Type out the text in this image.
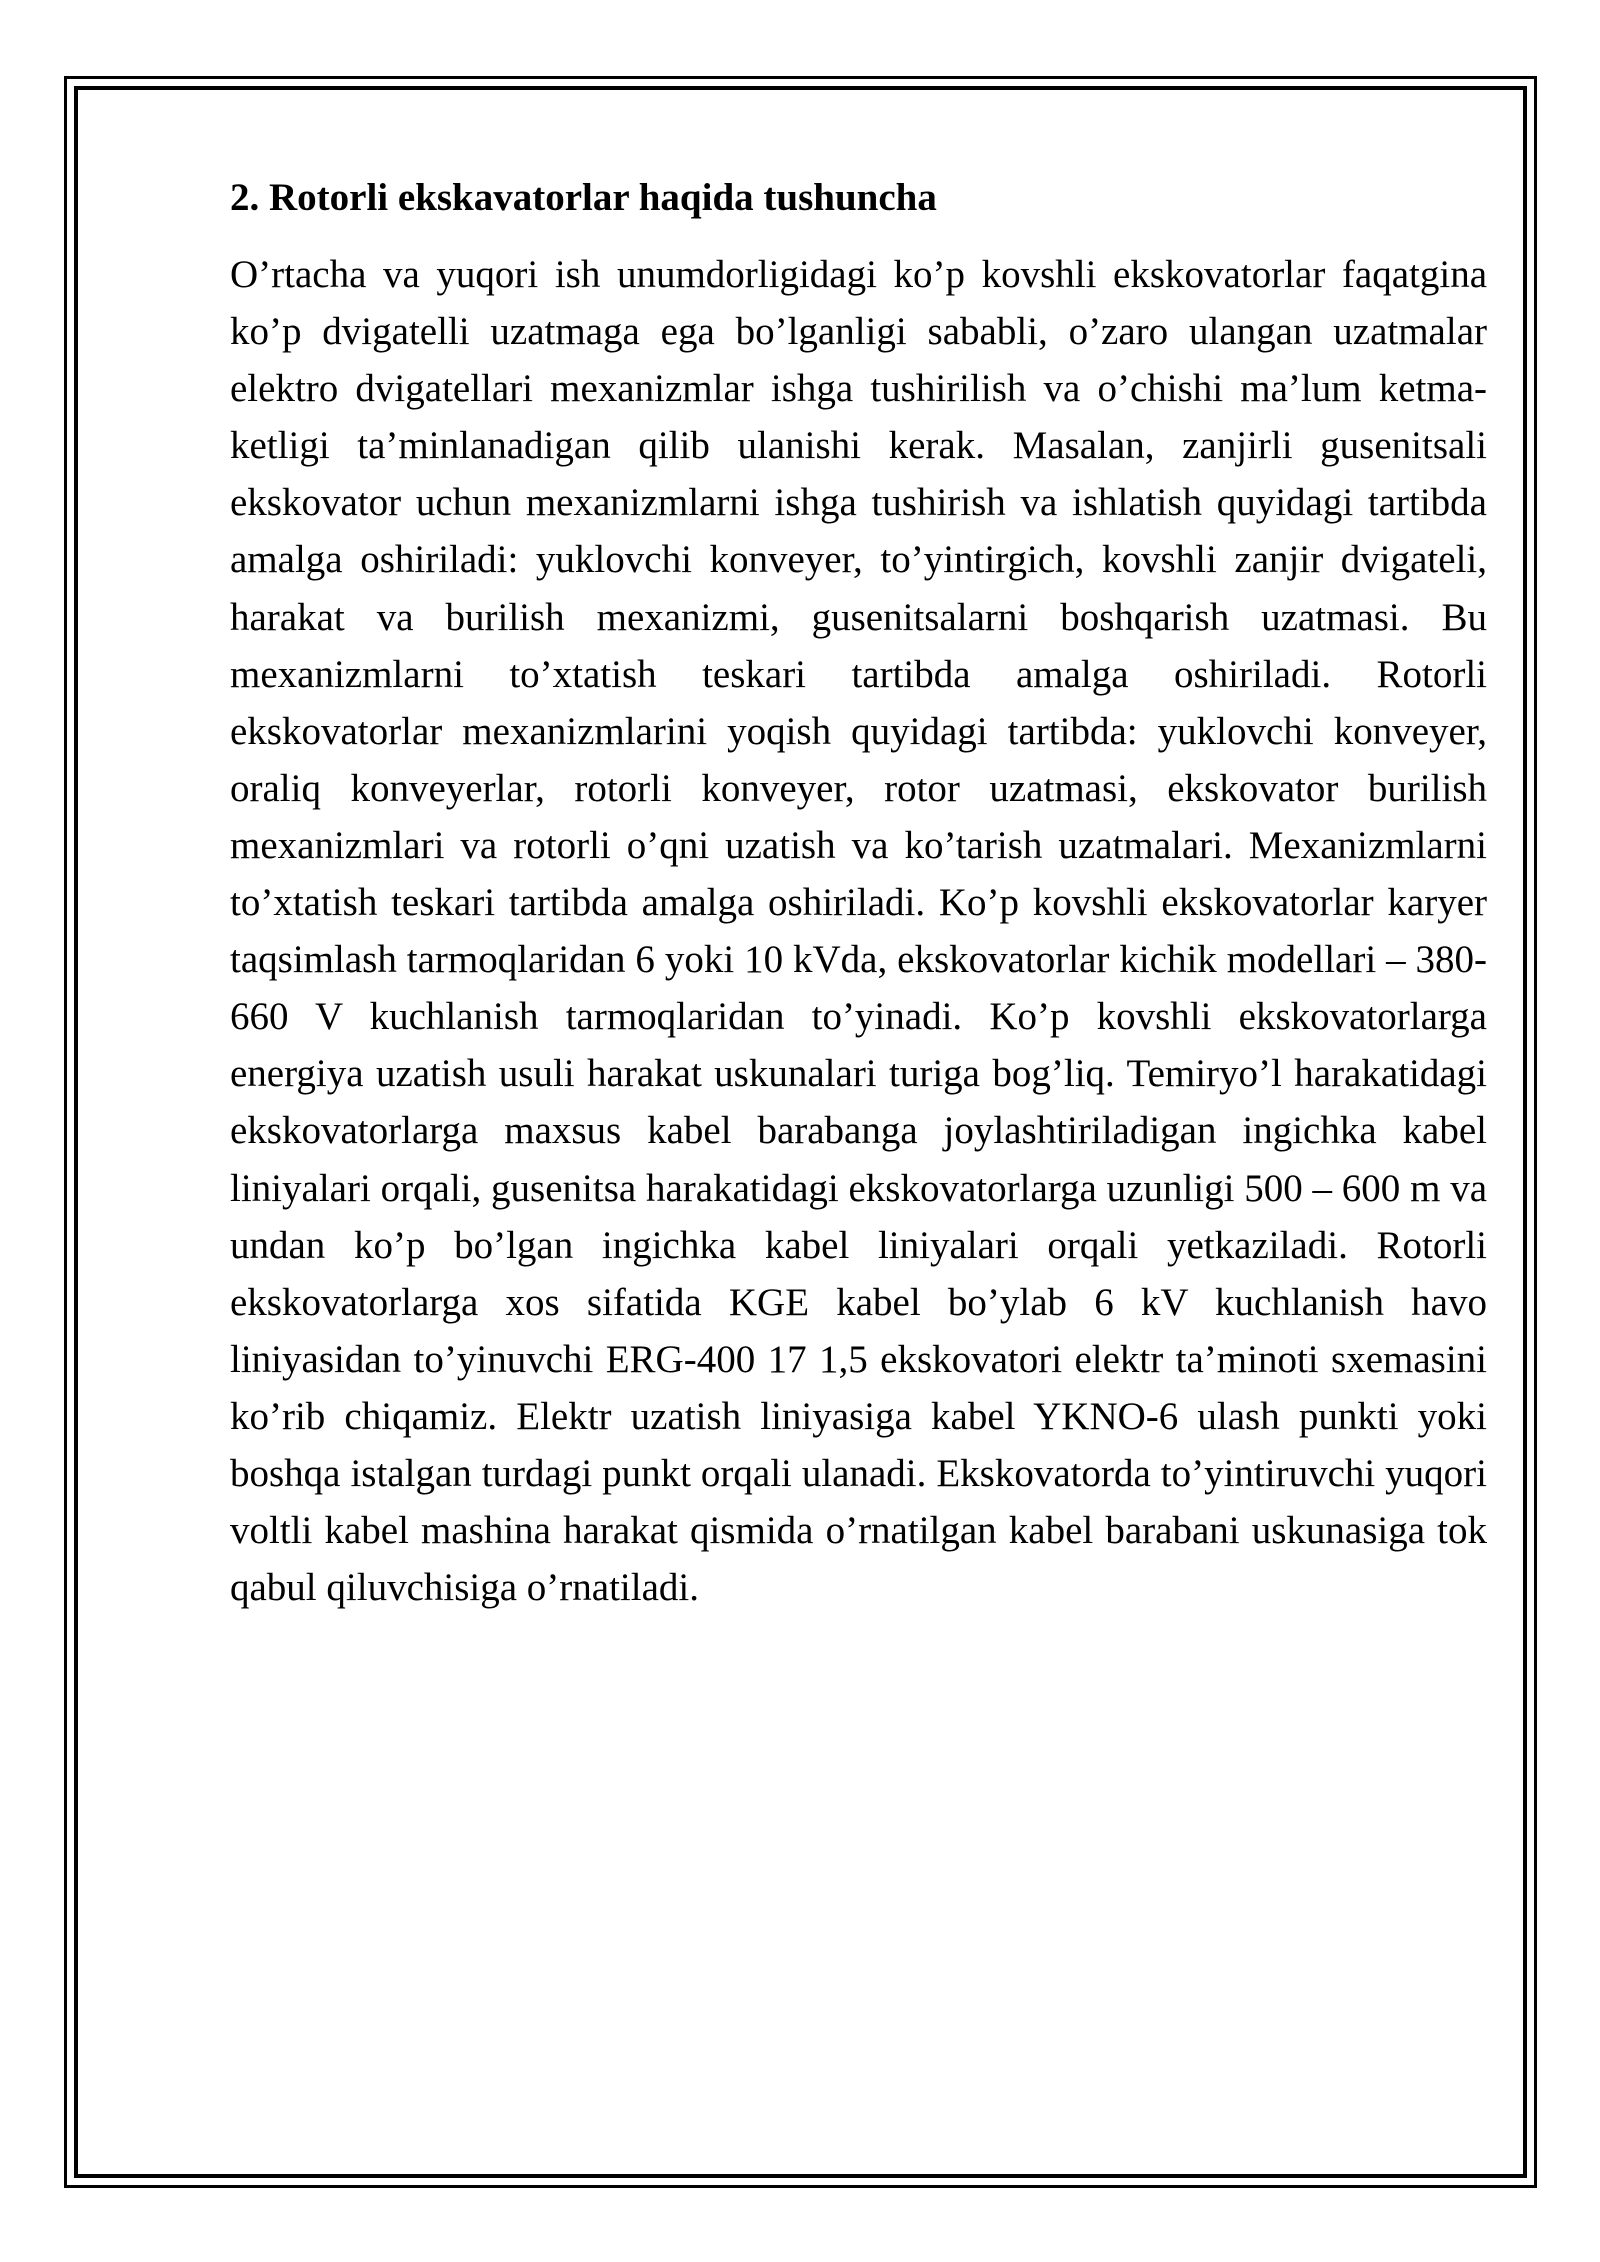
2. Rotorli ekskavatorlar haqida tushuncha

O’rtacha va yuqori ish unumdorligidagi ko’p kovshli ekskovatorlar faqatgina ko’p dvigatelli uzatmaga ega bo’lganligi sababli, o’zaro ulangan uzatmalar elektro dvigatellari mexanizmlar ishga tushirilish va o’chishi ma’lum ketma-ketligi ta’minlanadigan qilib ulanishi kerak. Masalan, zanjirli gusenitsali ekskovator uchun mexanizmlarni ishga tushirish va ishlatish quyidagi tartibda amalga oshiriladi: yuklovchi konveyer, to’yintirgich, kovshli zanjir dvigateli, harakat va burilish mexanizmi, gusenitsalarni boshqarish uzatmasi. Bu mexanizmlarni to’xtatish teskari tartibda amalga oshiriladi. Rotorli ekskovatorlar mexanizmlarini yoqish quyidagi tartibda: yuklovchi konveyer, oraliq konveyerlar, rotorli konveyer, rotor uzatmasi, ekskovator burilish mexanizmlari va rotorli o’qni uzatish va ko’tarish uzatmalari. Mexanizmlarni to’xtatish teskari tartibda amalga oshiriladi. Ko’p kovshli ekskovatorlar karyer taqsimlash tarmoqlaridan 6 yoki 10 kVda, ekskovatorlar kichik modellari – 380-660 V kuchlanish tarmoqlaridan to’yinadi. Ko’p kovshli ekskovatorlarga energiya uzatish usuli harakat uskunalari turiga bog’liq. Temiryo’l harakatidagi ekskovatorlarga maxsus kabel barabanga joylashtiriladigan ingichka kabel liniyalari orqali, gusenitsa harakatidagi ekskovatorlarga uzunligi 500 – 600 m va undan ko’p bo’lgan ingichka kabel liniyalari orqali yetkaziladi. Rotorli ekskovatorlarga xos sifatida KGE kabel bo’ylab 6 kV kuchlanish havo liniyasidan to’yinuvchi ERG-400 17 1,5 ekskovatori elektr ta’minoti sxemasini ko’rib chiqamiz. Elektr uzatish liniyasiga kabel YKNO-6 ulash punkti yoki boshqa istalgan turdagi punkt orqali ulanadi. Ekskovatorda to’yintiruvchi yuqori voltli kabel mashina harakat qismida o’rnatilgan kabel barabani uskunasiga tok qabul qiluvchisiga o’rnatiladi.
